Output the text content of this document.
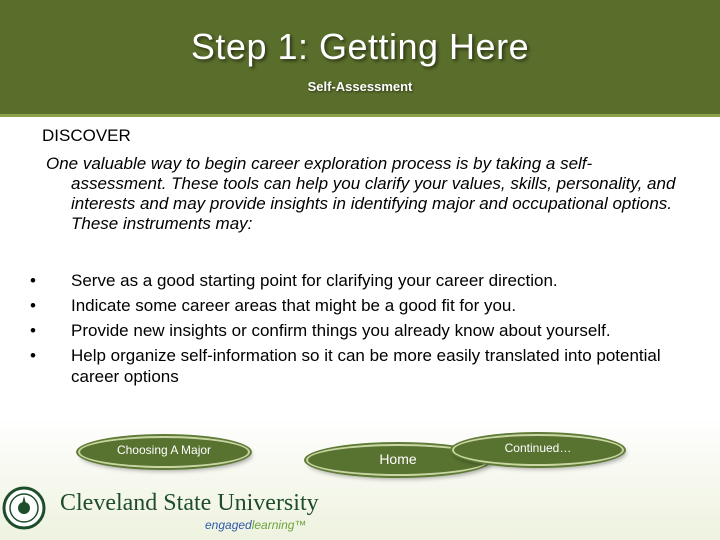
Step 1: Getting Here
Self-Assessment
DISCOVER

One valuable way to begin career exploration process is by taking a self-assessment. These tools can help you clarify your values, skills, personality, and interests and may provide insights in identifying major and occupational options. These instruments may:

• Serve as a good starting point for clarifying your career direction.
• Indicate some career areas that might be a good fit for you.
• Provide new insights or confirm things you already know about yourself.
• Help organize self-information so it can be more easily translated into potential career options
Choosing A Major
Home
Continued…
Cleveland State University
engagedlearning™
